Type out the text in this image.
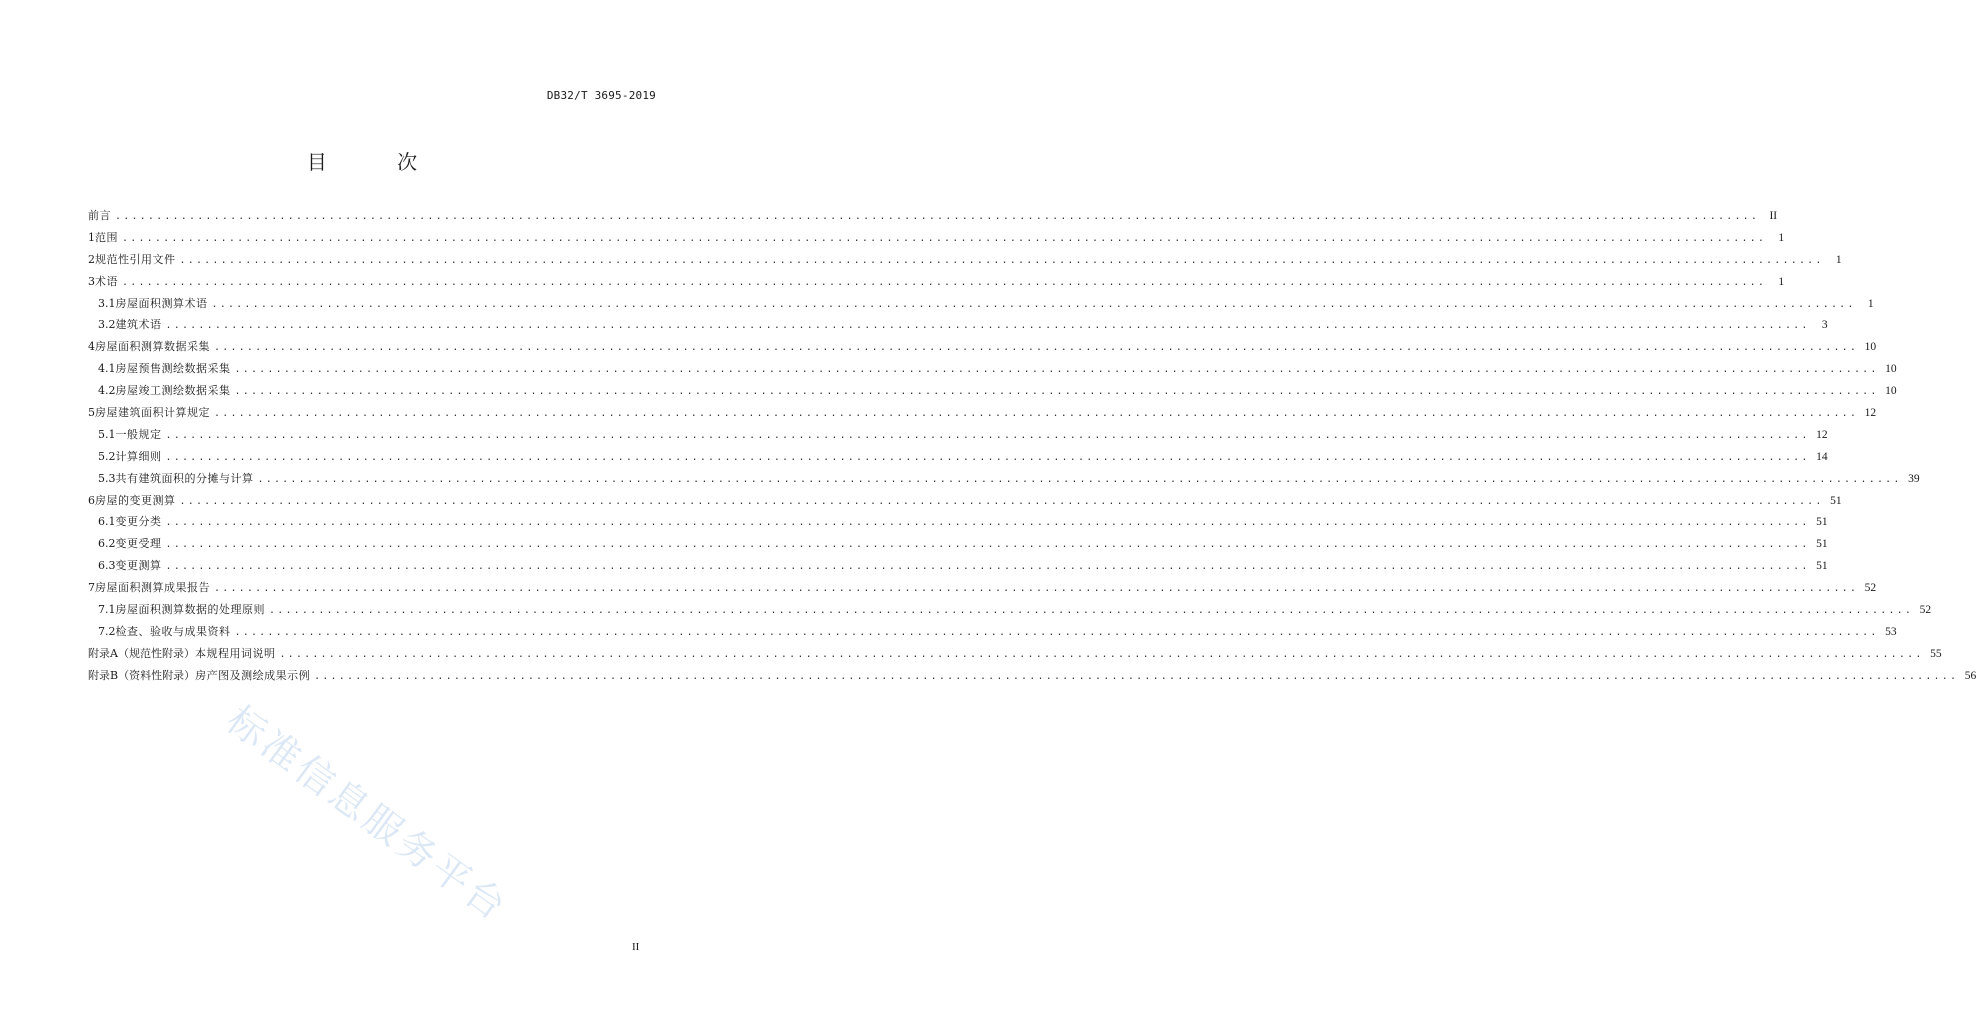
DB32/T 3695-2019
目 次
前言 ........................................................................................................................................................................................................ II
1 范围 ........................................................................................................................................................................................................	1
2 规范性引用文件 ........................................................................................................................................................................................................	1
3 术语 ........................................................................................................................................................................................................	1
3.1 房屋面积测算术语 ........................................................................................................................................................................................................	1
3.2 建筑术语 ........................................................................................................................................................................................................	3
4 房屋面积测算数据采集 ........................................................................................................................................................................................................ 10
4.1 房屋预售测绘数据采集 ........................................................................................................................................................................................................ 10
4.2 房屋竣工测绘数据采集 ........................................................................................................................................................................................................ 10
5 房屋建筑面积计算规定 ........................................................................................................................................................................................................ 12
5.1 一般规定 ........................................................................................................................................................................................................ 12
5.2 计算细则 ........................................................................................................................................................................................................ 14
5.3 共有建筑面积的分摊与计算 ........................................................................................................................................................................................................ 39
6 房屋的变更测算 ........................................................................................................................................................................................................ 51
6.1 变更分类 ........................................................................................................................................................................................................ 51
6.2 变更受理 ........................................................................................................................................................................................................ 51
6.3 变更测算 ........................................................................................................................................................................................................ 51
7 房屋面积测算成果报告 ........................................................................................................................................................................................................ 52
7.1 房屋面积测算数据的处理原则 ........................................................................................................................................................................................................ 52
7.2 检查、验收与成果资料 ........................................................................................................................................................................................................ 53
附录A（规范性附录） 本规程用词说明 ........................................................................................................................................................................................................ 55
附录B（资料性附录） 房产图及测绘成果示例 ........................................................................................................................................................................................................ 56
标准信息服务平台
II
